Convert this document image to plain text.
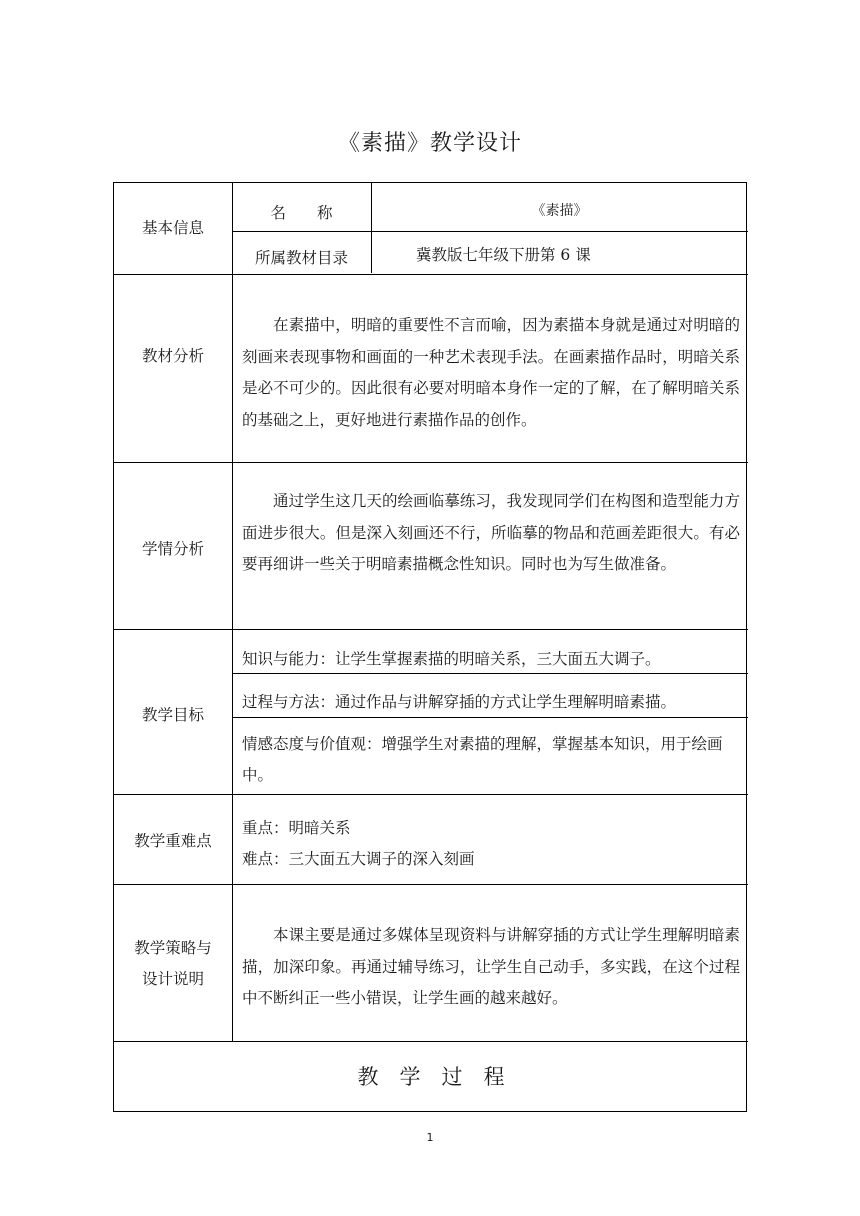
《素描》教学设计
基本信息
名　　称	《素描》
所属教材目录	冀教版七年级下册第 6 课
教材分析
在素描中，明暗的重要性不言而喻，因为素描本身就是通过对明暗的刻画来表现事物和画面的一种艺术表现手法。在画素描作品时，明暗关系是必不可少的。因此很有必要对明暗本身作一定的了解，在了解明暗关系的基础之上，更好地进行素描作品的创作。
学情分析
通过学生这几天的绘画临摹练习，我发现同学们在构图和造型能力方面进步很大。但是深入刻画还不行，所临摹的物品和范画差距很大。有必要再细讲一些关于明暗素描概念性知识。同时也为写生做准备。
教学目标
知识与能力：让学生掌握素描的明暗关系，三大面五大调子。
过程与方法：通过作品与讲解穿插的方式让学生理解明暗素描。
情感态度与价值观：增强学生对素描的理解，掌握基本知识，用于绘画中。
教学重难点
重点：明暗关系
难点：三大面五大调子的深入刻画
教学策略与
设计说明
本课主要是通过多媒体呈现资料与讲解穿插的方式让学生理解明暗素描，加深印象。再通过辅导练习，让学生自己动手，多实践，在这个过程中不断纠正一些小错误，让学生画的越来越好。
教　学　过　程
1
